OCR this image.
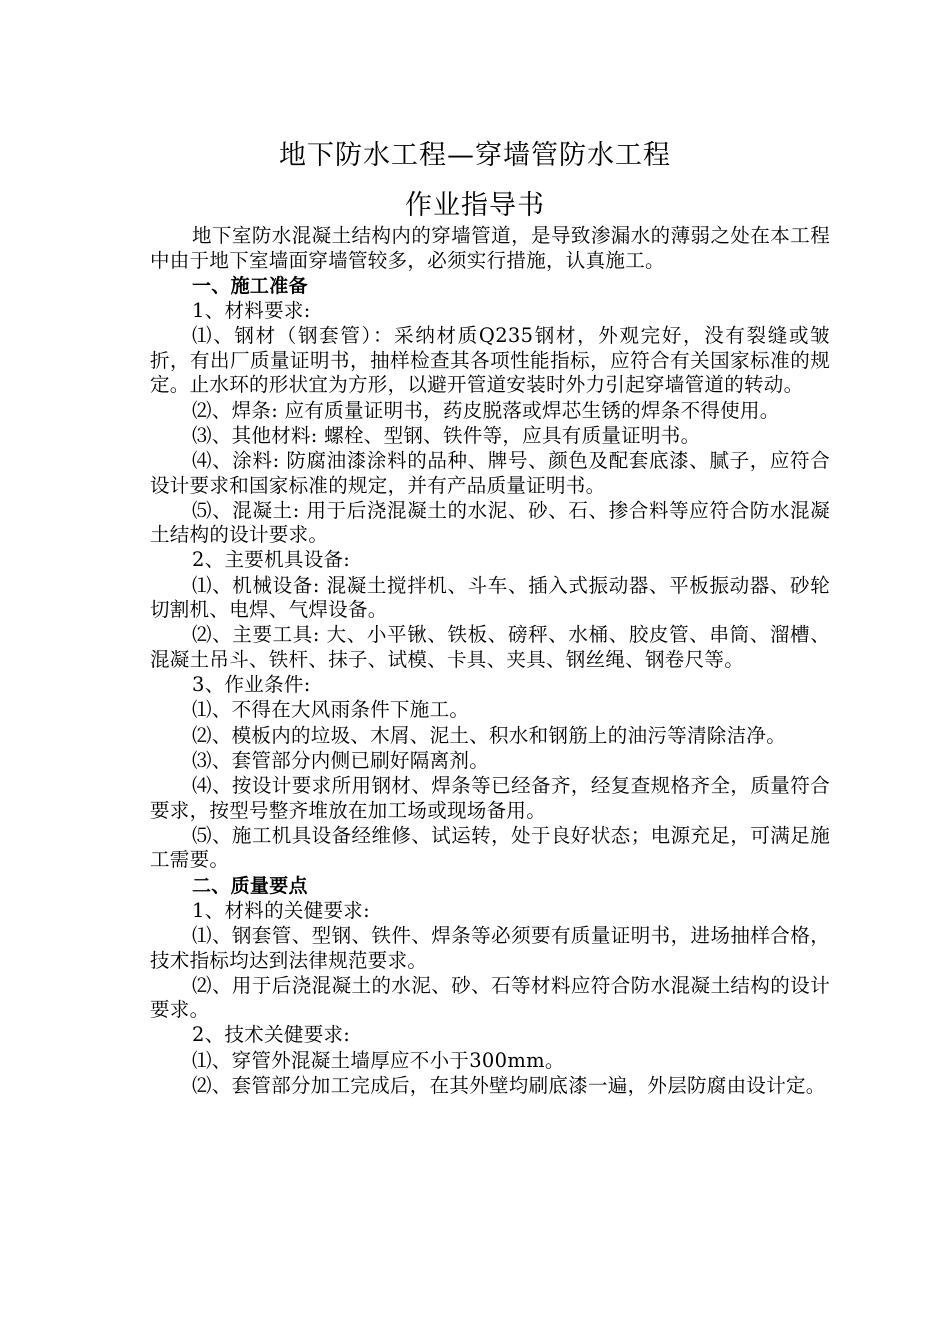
地下防水工程—穿墙管防水工程
作业指导书

地下室防水混凝土结构内的穿墙管道，是导致渗漏水的薄弱之处在本工程中由于地下室墙面穿墙管较多，必须实行措施，认真施工。

一、施工准备

1、材料要求:

⑴、钢材（钢套管）：采纳材质Q235钢材，外观完好，没有裂缝或皱折，有出厂质量证明书，抽样检查其各项性能指标，应符合有关国家标准的规定。止水环的形状宜为方形，以避开管道安装时外力引起穿墙管道的转动。

⑵、焊条: 应有质量证明书，药皮脱落或焊芯生锈的焊条不得使用。

⑶、其他材料: 螺栓、型钢、铁件等，应具有质量证明书。

⑷、涂料: 防腐油漆涂料的品种、牌号、颜色及配套底漆、腻子，应符合设计要求和国家标准的规定，并有产品质量证明书。

⑸、混凝土: 用于后浇混凝土的水泥、砂、石、掺合料等应符合防水混凝土结构的设计要求。

2、主要机具设备:

⑴、机械设备: 混凝土搅拌机、斗车、插入式振动器、平板振动器、砂轮切割机、电焊、气焊设备。

⑵、主要工具: 大、小平锹、铁板、磅秤、水桶、胶皮管、串筒、溜槽、混凝土吊斗、铁杆、抹子、试模、卡具、夹具、钢丝绳、钢卷尺等。

3、作业条件:

⑴、不得在大风雨条件下施工。

⑵、模板内的垃圾、木屑、泥土、积水和钢筋上的油污等清除洁净。

⑶、套管部分内侧已刷好隔离剂。

⑷、按设计要求所用钢材、焊条等已经备齐，经复查规格齐全，质量符合要求，按型号整齐堆放在加工场或现场备用。

⑸、施工机具设备经维修、试运转，处于良好状态；电源充足，可满足施工需要。

二、质量要点

1、材料的关健要求:

⑴、钢套管、型钢、铁件、焊条等必须要有质量证明书，进场抽样合格，技术指标均达到法律规范要求。

⑵、用于后浇混凝土的水泥、砂、石等材料应符合防水混凝土结构的设计要求。

2、技术关健要求:

⑴、穿管外混凝土墙厚应不小于300mm。

⑵、套管部分加工完成后，在其外壁均刷底漆一遍，外层防腐由设计定。
